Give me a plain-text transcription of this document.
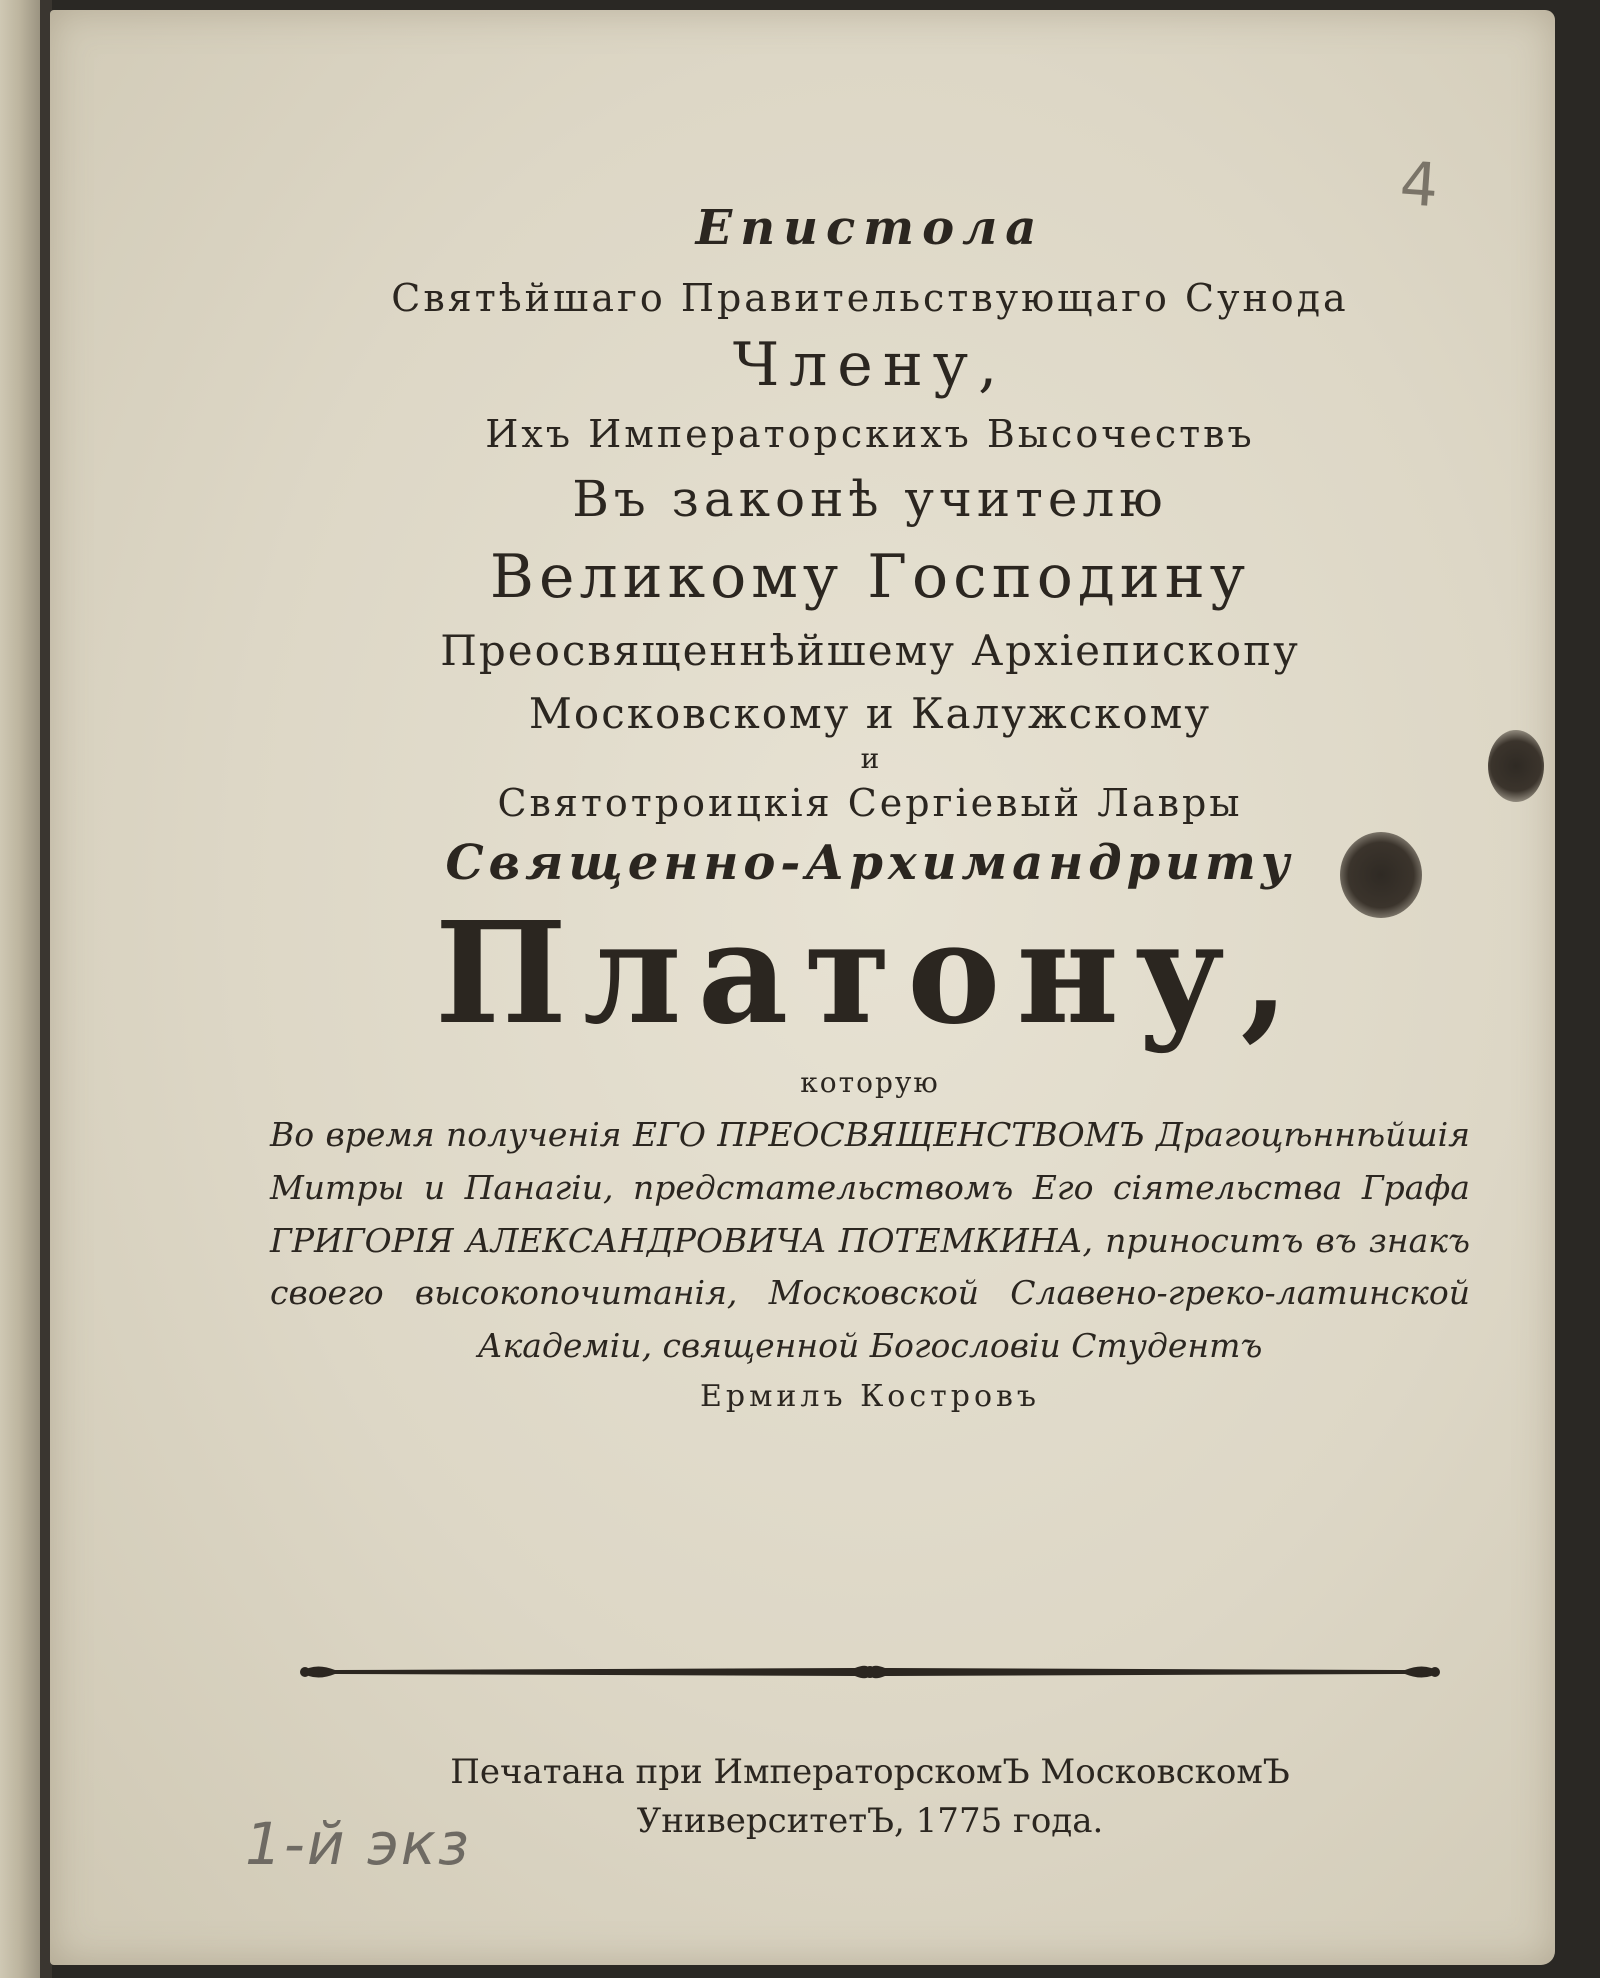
4
Епистола
Святѣйшаго Правительствующаго Сунода
Члену,
Ихъ Императорскихъ Высочествъ
Въ законѣ учителю
Великому Господину
Преосвященнѣйшему Архіепископу
Московскому и Калужскому
и
Святотроицкія Сергіевый Лавры
Священно-Архимандриту
Платону,
которую
Во время полученія ЕГО ПРЕОСВЯЩЕНСТВОМЪ Драгоцѣннѣйшія Митры и Панагіи, предстательствомъ Его сіятельства Графа ГРИГОРІЯ АЛЕКСАНДРОВИЧА ПОТЕМКИНА, приноситъ въ знакъ своего высокопочитанія, Московской Славено-греко-латинской Академіи, священной Богословіи Студентъ
Ермилъ Костровъ
Печатана при ИмператорскомЪ МосковскомЪ
УниверситетЪ, 1775 года.
1-й экз
